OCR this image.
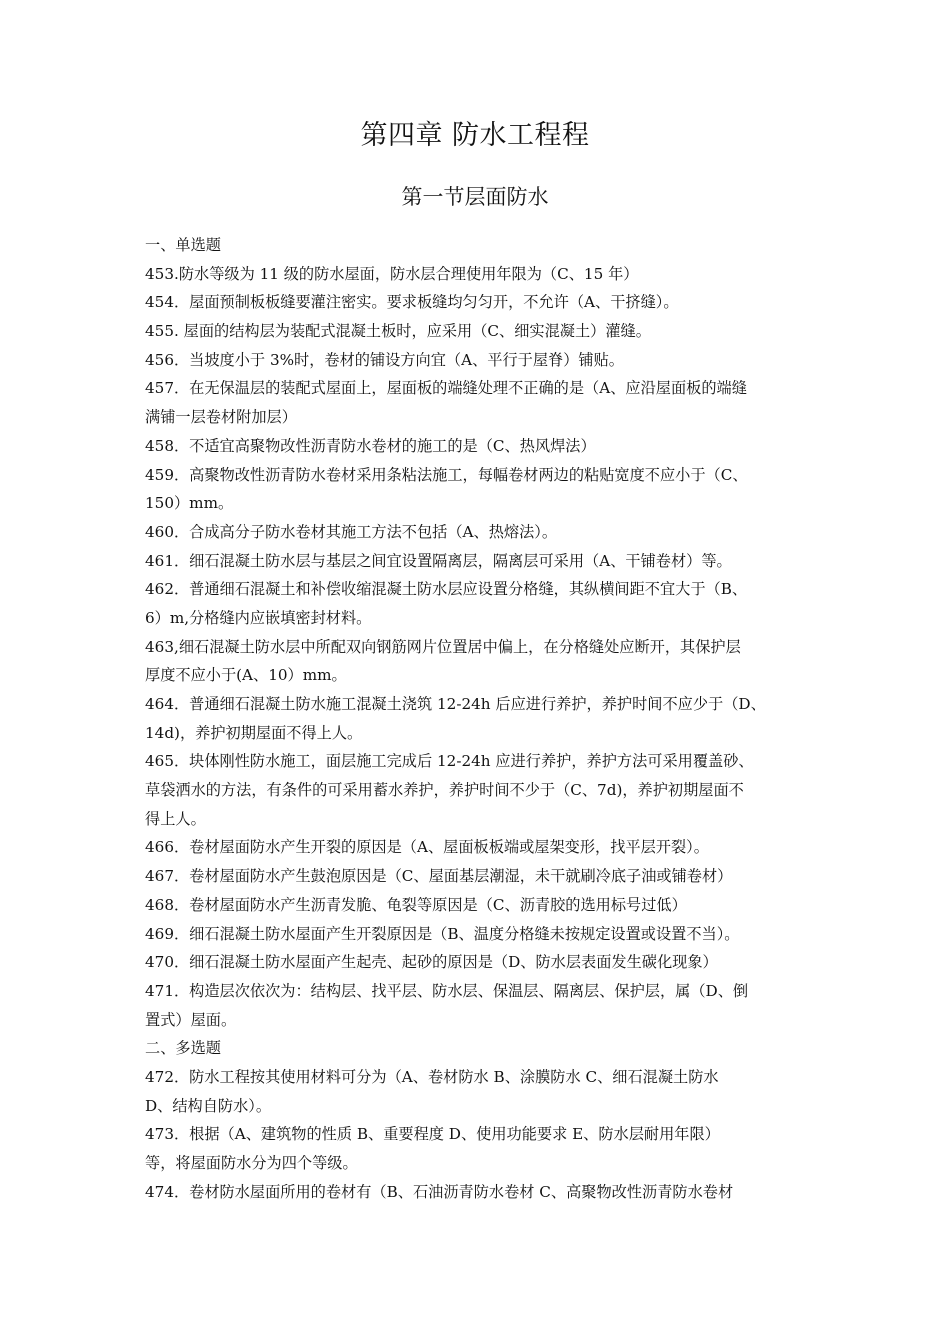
第四章 防水工程程
第一节层面防水
一、单选题
453.防水等级为 11 级的防水屋面，防水层合理使用年限为（C、15 年）
454．屋面预制板板缝要灌注密实。要求板缝均匀匀开，不允许（A、干挤缝）。
455. 屋面的结构层为装配式混凝土板时，应采用（C、细实混凝土）灌缝。
456．当坡度小于 3%时，卷材的铺设方向宜（A、平行于屋脊）铺贴。
457．在无保温层的装配式屋面上，屋面板的端缝处理不正确的是（A、应沿屋面板的端缝
满铺一层卷材附加层）
458．不适宜高聚物改性沥青防水卷材的施工的是（C、热风焊法）
459．高聚物改性沥青防水卷材采用条粘法施工，每幅卷材两边的粘贴宽度不应小于（C、
150）mm。
460．合成高分子防水卷材其施工方法不包括（A、热熔法）。
461．细石混凝土防水层与基层之间宜设置隔离层，隔离层可采用（A、干铺卷材）等。
462．普通细石混凝土和补偿收缩混凝土防水层应设置分格缝，其纵横间距不宜大于（B、
6）m,分格缝内应嵌填密封材料。
463,细石混凝土防水层中所配双向钢筋网片位置居中偏上，在分格缝处应断开，其保护层
厚度不应小于(A、10）mm。
464．普通细石混凝土防水施工混凝土浇筑 12-24h 后应进行养护，养护时间不应少于（D、
14d)，养护初期屋面不得上人。
465．块体刚性防水施工，面层施工完成后 12-24h 应进行养护，养护方法可采用覆盖砂、
草袋洒水的方法，有条件的可采用蓄水养护，养护时间不少于（C、7d)，养护初期屋面不
得上人。
466．卷材屋面防水产生开裂的原因是（A、屋面板板端或屋架变形，找平层开裂）。
467．卷材屋面防水产生鼓泡原因是（C、屋面基层潮湿，未干就刷冷底子油或铺卷材）
468．卷材屋面防水产生沥青发脆、龟裂等原因是（C、沥青胶的选用标号过低）
469．细石混凝土防水屋面产生开裂原因是（B、温度分格缝未按规定设置或设置不当）。
470．细石混凝土防水屋面产生起壳、起砂的原因是（D、防水层表面发生碳化现象）
471．构造层次依次为：结构层、找平层、防水层、保温层、隔离层、保护层，属（D、倒
置式）屋面。
二、多选题
472．防水工程按其使用材料可分为（A、卷材防水 B、涂膜防水 C、细石混凝土防水
D、结构自防水）。
473．根据（A、建筑物的性质 B、重要程度 D、使用功能要求 E、防水层耐用年限）
等，将屋面防水分为四个等级。
474．卷材防水屋面所用的卷材有（B、石油沥青防水卷材 C、高聚物改性沥青防水卷材
